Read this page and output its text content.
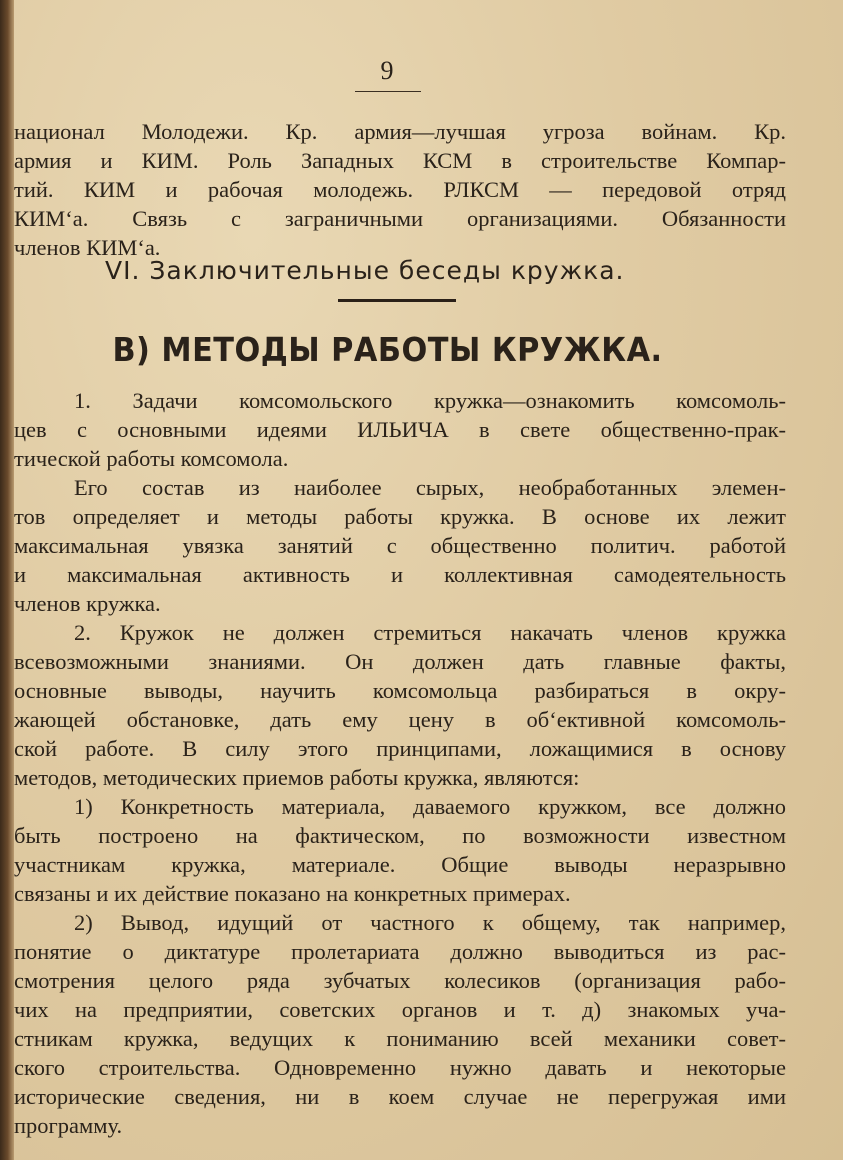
9
национал Молодежи. Кр. армия—лучшая угроза войнам. Кр.
армия и КИМ. Роль Западных КСМ в строительстве Компар-
тий. КИМ и рабочая молодежь. РЛКСМ — передовой отряд
КИМ‘а. Связь с заграничными организациями. Обязанности
членов КИМ‘а.
VI. Заключительные беседы кружка.
В) МЕТОДЫ РАБОТЫ КРУЖКА.
1. Задачи комсомольского кружка—ознакомить комсомоль-
цев с основными идеями ИЛЬИЧА в свете общественно-прак-
тической работы комсомола.
Его состав из наиболее сырых, необработанных элемен-
тов определяет и методы работы кружка. В основе их лежит
максимальная увязка занятий с общественно политич. работой
и максимальная активность и коллективная самодеятельность
членов кружка.
2. Кружок не должен стремиться накачать членов кружка
всевозможными знаниями. Он должен дать главные факты,
основные выводы, научить комсомольца разбираться в окру-
жающей обстановке, дать ему цену в об‘ективной комсомоль-
ской работе. В силу этого принципами, ложащимися в основу
методов, методических приемов работы кружка, являются:
1) Конкретность материала, даваемого кружком, все должно
быть построено на фактическом, по возможности известном
участникам кружка, материале. Общие выводы неразрывно
связаны и их действие показано на конкретных примерах.
2) Вывод, идущий от частного к общему, так например,
понятие о диктатуре пролетариата должно выводиться из рас-
смотрения целого ряда зубчатых колесиков (организация рабо-
чих на предприятии, советских органов и т. д) знакомых уча-
стникам кружка, ведущих к пониманию всей механики совет-
ского строительства. Одновременно нужно давать и некоторые
исторические сведения, ни в коем случае не перегружая ими
программу.
